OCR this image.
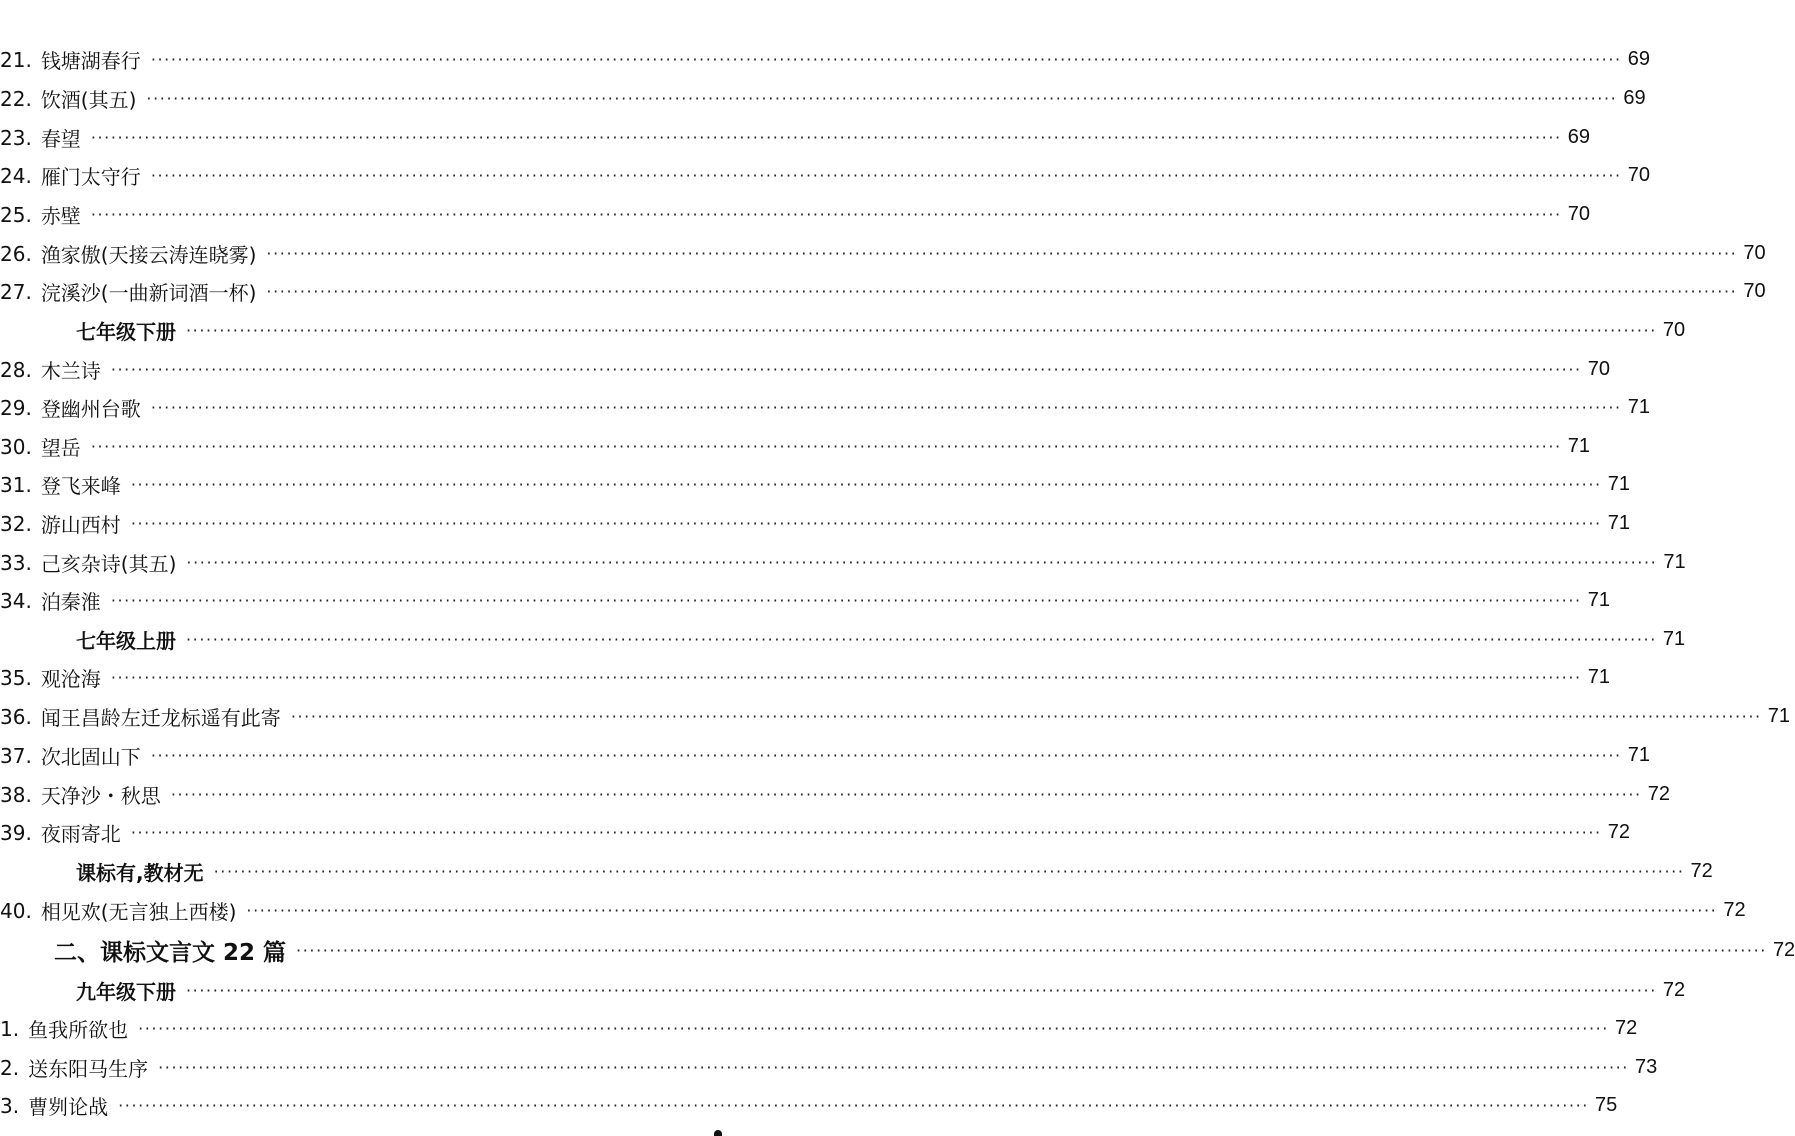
21. 钱塘湖春行 ···························································································································································································································· 69
22. 饮酒(其五) ···························································································································································································································· 69
23. 春望 ···························································································································································································································· 69
24. 雁门太守行 ···························································································································································································································· 70
25. 赤壁 ···························································································································································································································· 70
26. 渔家傲(天接云涛连晓雾) ···························································································································································································································· 70
27. 浣溪沙(一曲新词酒一杯) ···························································································································································································································· 70
七年级下册 ···························································································································································································································· 70
28. 木兰诗 ···························································································································································································································· 70
29. 登幽州台歌 ···························································································································································································································· 71
30. 望岳 ···························································································································································································································· 71
31. 登飞来峰 ···························································································································································································································· 71
32. 游山西村 ···························································································································································································································· 71
33. 己亥杂诗(其五) ···························································································································································································································· 71
34. 泊秦淮 ···························································································································································································································· 71
七年级上册 ···························································································································································································································· 71
35. 观沧海 ···························································································································································································································· 71
36. 闻王昌龄左迁龙标遥有此寄 ···························································································································································································································· 71
37. 次北固山下 ···························································································································································································································· 71
38. 天净沙・秋思 ···························································································································································································································· 72
39. 夜雨寄北 ···························································································································································································································· 72
课标有,教材无 ···························································································································································································································· 72
40. 相见欢(无言独上西楼) ···························································································································································································································· 72
二、课标文言文 22 篇 ···························································································································································································································· 72
九年级下册 ···························································································································································································································· 72
1. 鱼我所欲也 ···························································································································································································································· 72
2. 送东阳马生序 ···························································································································································································································· 73
3. 曹刿论战 ···························································································································································································································· 75
